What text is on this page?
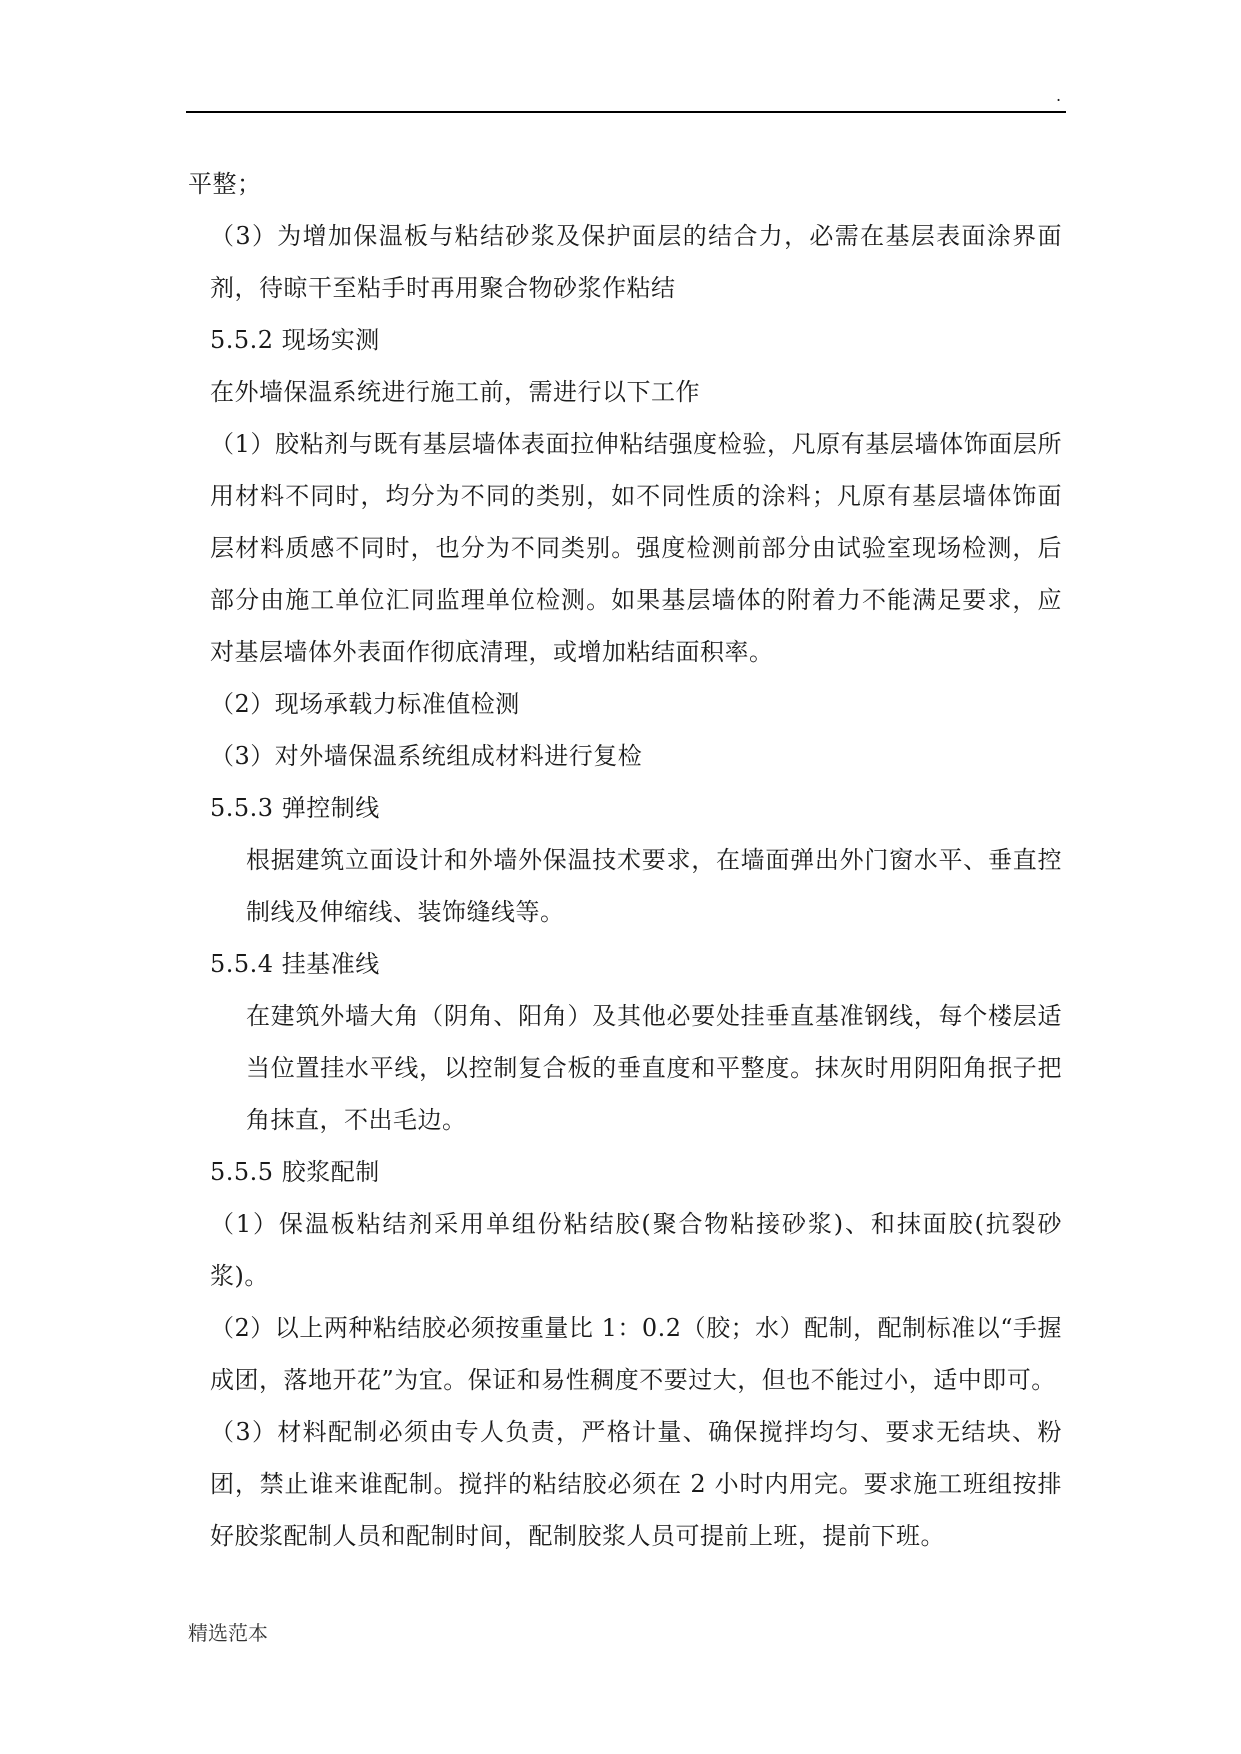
.

平整；

（3）为增加保温板与粘结砂浆及保护面层的结合力，必需在基层表面涂界面剂，待晾干至粘手时再用聚合物砂浆作粘结

5.5.2 现场实测

在外墙保温系统进行施工前，需进行以下工作

（1）胶粘剂与既有基层墙体表面拉伸粘结强度检验，凡原有基层墙体饰面层所用材料不同时，均分为不同的类别，如不同性质的涂料；凡原有基层墙体饰面层材料质感不同时，也分为不同类别。强度检测前部分由试验室现场检测，后部分由施工单位汇同监理单位检测。如果基层墙体的附着力不能满足要求，应对基层墙体外表面作彻底清理，或增加粘结面积率。

（2）现场承载力标准值检测

（3）对外墙保温系统组成材料进行复检

5.5.3 弹控制线

根据建筑立面设计和外墙外保温技术要求，在墙面弹出外门窗水平、垂直控制线及伸缩线、装饰缝线等。

5.5.4 挂基准线

在建筑外墙大角（阴角、阳角）及其他必要处挂垂直基准钢线，每个楼层适当位置挂水平线，以控制复合板的垂直度和平整度。抹灰时用阴阳角抿子把角抹直，不出毛边。

5.5.5 胶浆配制

（1）保温板粘结剂采用单组份粘结胶(聚合物粘接砂浆)、和抹面胶(抗裂砂浆)。

（2）以上两种粘结胶必须按重量比 1：0.2（胶；水）配制，配制标准以“手握成团，落地开花”为宜。保证和易性稠度不要过大，但也不能过小，适中即可。

（3）材料配制必须由专人负责，严格计量、确保搅拌均匀、要求无结块、粉团，禁止谁来谁配制。搅拌的粘结胶必须在 2 小时内用完。要求施工班组按排好胶浆配制人员和配制时间，配制胶浆人员可提前上班，提前下班。

精选范本
